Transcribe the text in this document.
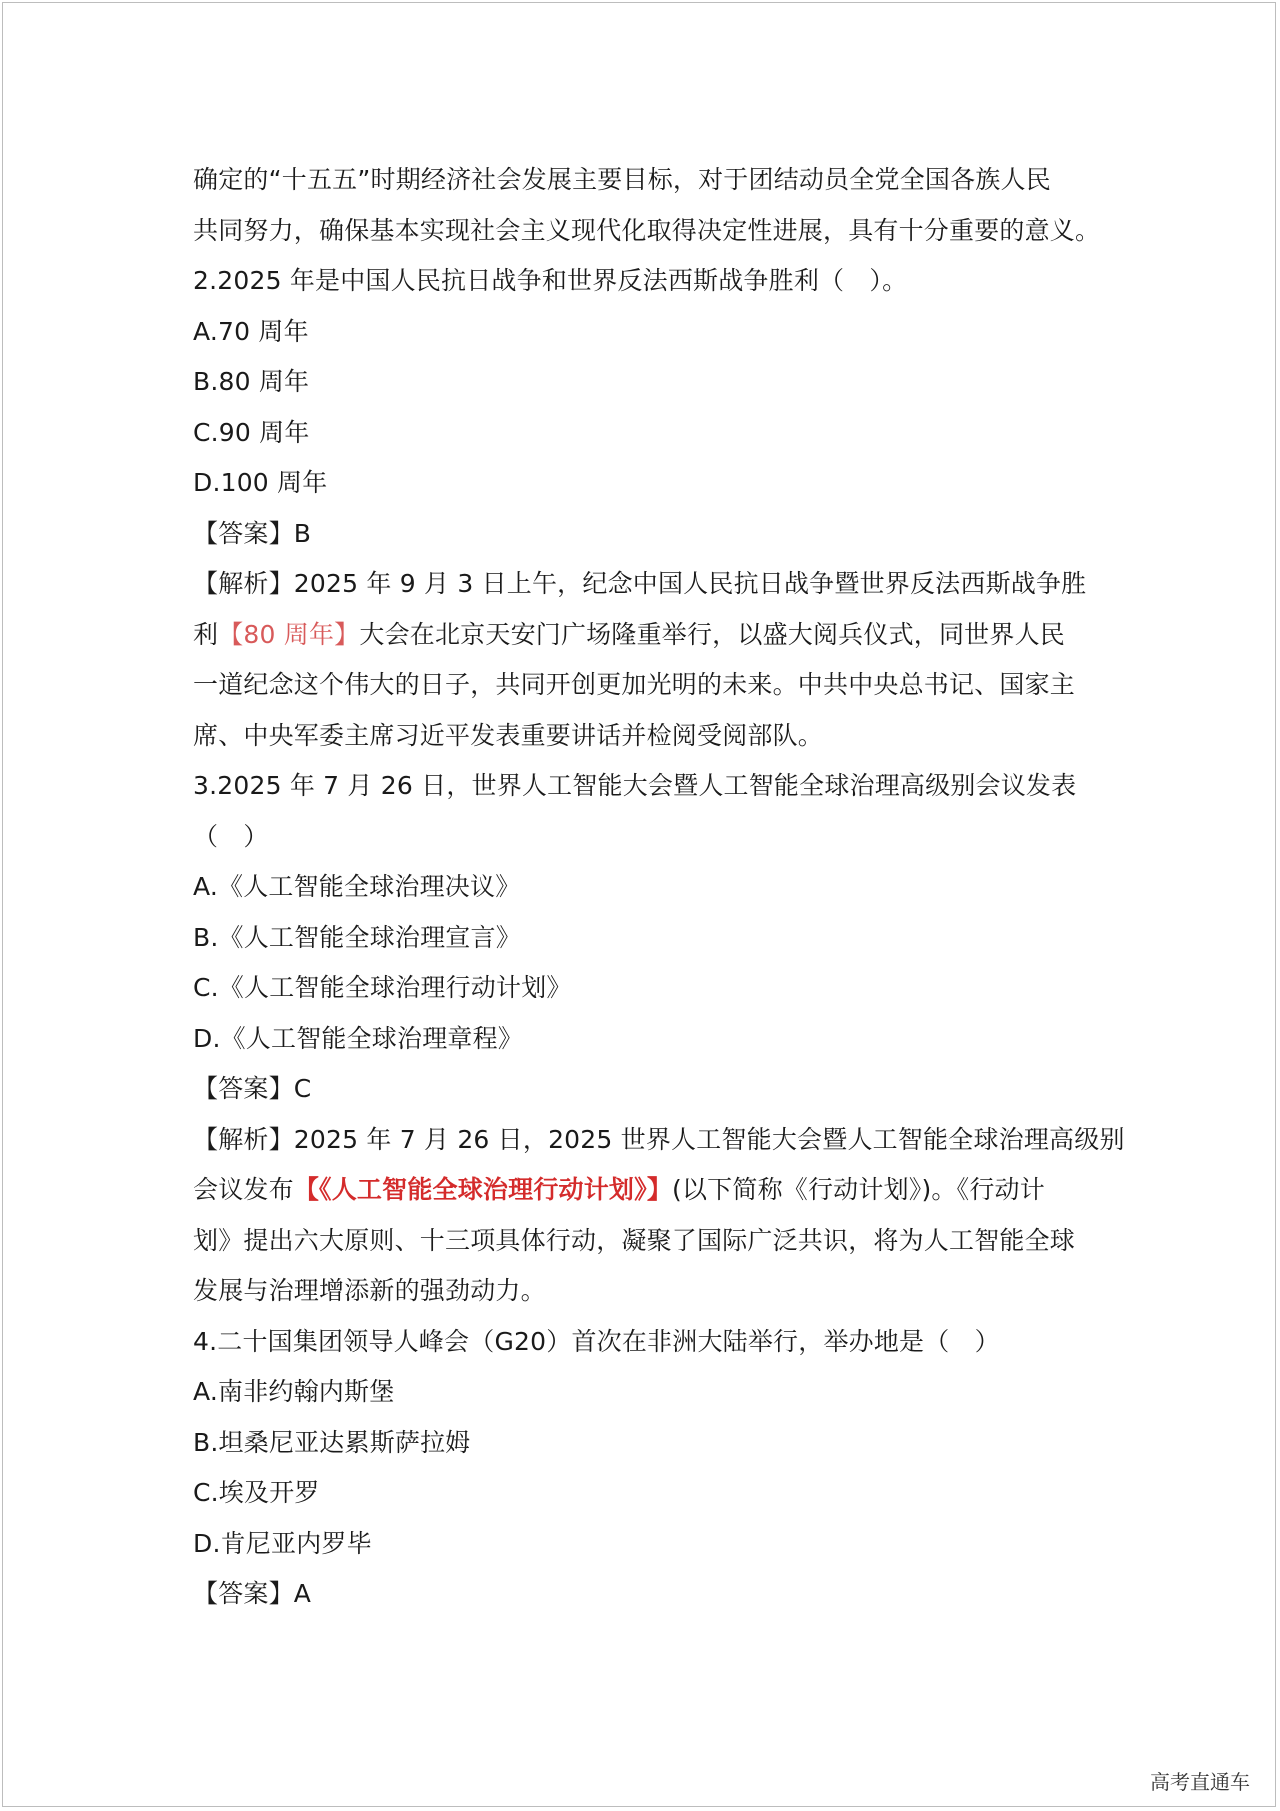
确定的“十五五”时期经济社会发展主要目标，对于团结动员全党全国各族人民
共同努力，确保基本实现社会主义现代化取得决定性进展，具有十分重要的意义。
2.2025 年是中国人民抗日战争和世界反法西斯战争胜利（　）。
A.70 周年
B.80 周年
C.90 周年
D.100 周年
【答案】B
【解析】2025 年 9 月 3 日上午，纪念中国人民抗日战争暨世界反法西斯战争胜
利【80 周年】大会在北京天安门广场隆重举行，以盛大阅兵仪式，同世界人民
一道纪念这个伟大的日子，共同开创更加光明的未来。中共中央总书记、国家主
席、中央军委主席习近平发表重要讲话并检阅受阅部队。
3.2025 年 7 月 26 日，世界人工智能大会暨人工智能全球治理高级别会议发表
（　）
A.《人工智能全球治理决议》
B.《人工智能全球治理宣言》
C.《人工智能全球治理行动计划》
D.《人工智能全球治理章程》
【答案】C
【解析】2025 年 7 月 26 日，2025 世界人工智能大会暨人工智能全球治理高级别
会议发布【《人工智能全球治理行动计划》】(以下简称《行动计划》)。《行动计
划》提出六大原则、十三项具体行动，凝聚了国际广泛共识，将为人工智能全球
发展与治理增添新的强劲动力。
4.二十国集团领导人峰会（G20）首次在非洲大陆举行，举办地是（　）
A.南非约翰内斯堡
B.坦桑尼亚达累斯萨拉姆
C.埃及开罗
D.肯尼亚内罗毕
【答案】A
高考直通车
